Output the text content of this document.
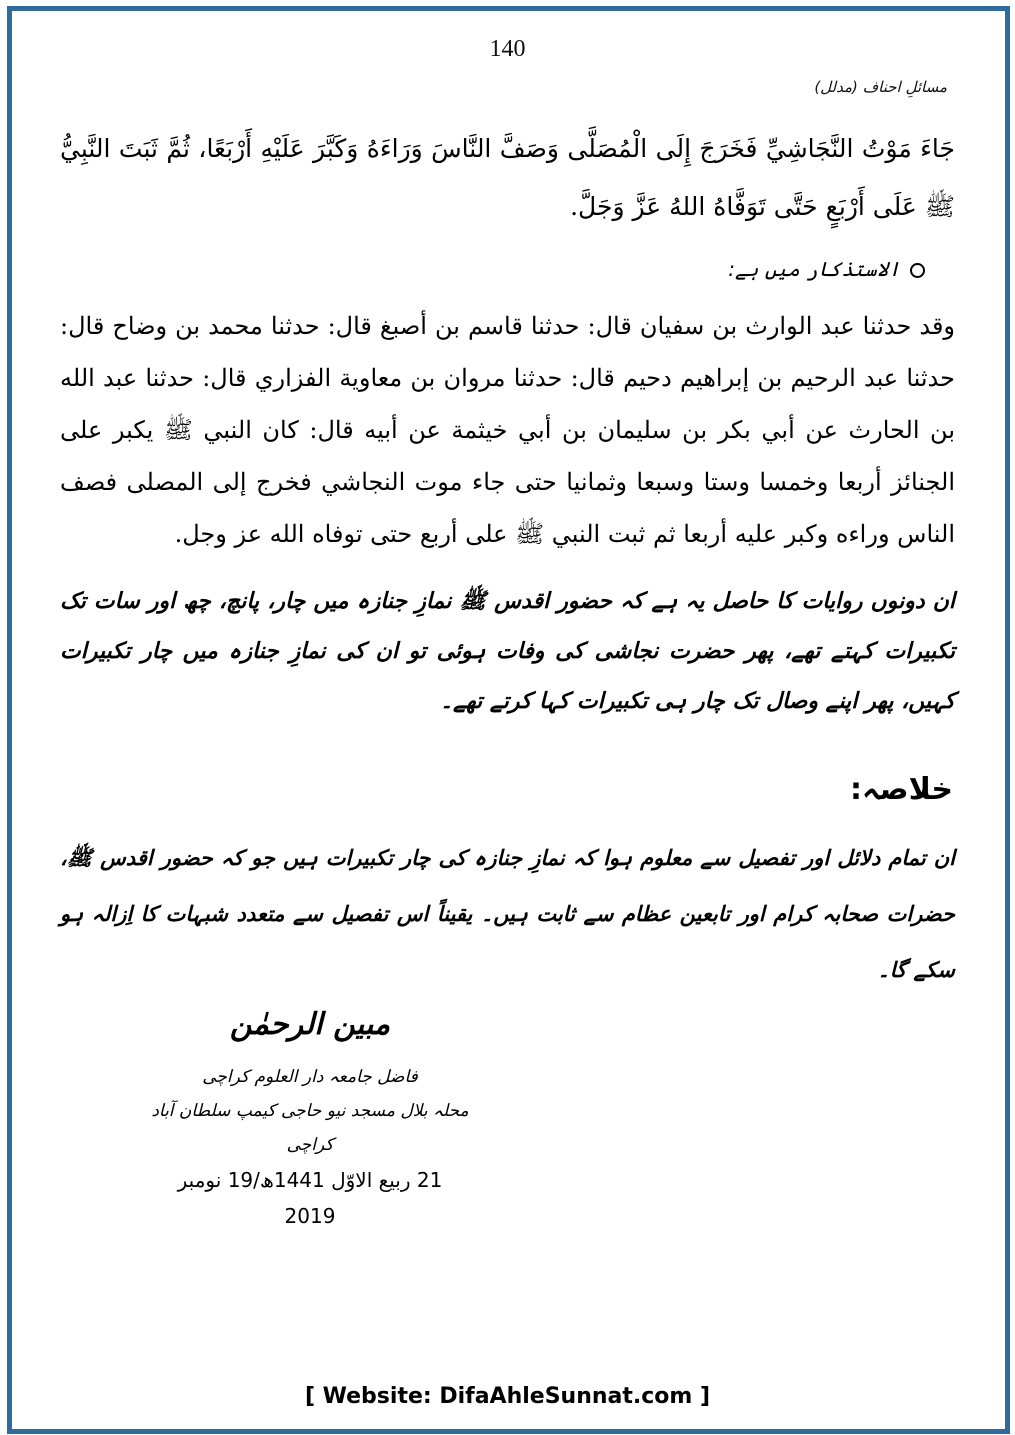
140
مسائلِ احناف (مدلل)
جَاءَ مَوْتُ النَّجَاشِيِّ فَخَرَجَ إِلَى الْمُصَلَّى وَصَفَّ النَّاسَ وَرَاءَهُ وَكَبَّرَ عَلَيْهِ أَرْبَعًا، ثُمَّ ثَبَتَ النَّبِيُّ ﷺ عَلَى أَرْبَعٍ حَتَّى تَوَفَّاهُ اللهُ عَزَّ وَجَلَّ.
الاستذکار میں ہے:
وقد حدثنا عبد الوارث بن سفيان قال: حدثنا قاسم بن أصبغ قال: حدثنا محمد بن وضاح قال: حدثنا عبد الرحيم بن إبراهيم دحيم قال: حدثنا مروان بن معاوية الفزاري قال: حدثنا عبد الله بن الحارث عن أبي بكر بن سليمان بن أبي خيثمة عن أبيه قال: كان النبي ﷺ يكبر على الجنائز أربعا وخمسا وستا وسبعا وثمانيا حتى جاء موت النجاشي فخرج إلى المصلى فصف الناس وراءه وكبر عليه أربعا ثم ثبت النبي ﷺ على أربع حتى توفاه الله عز وجل.
ان دونوں روایات کا حاصل یہ ہے کہ حضور اقدس ﷺ نمازِ جنازہ میں چار، پانچ، چھ اور سات تک تکبیرات کہتے تھے، پھر حضرت نجاشی کی وفات ہوئی تو ان کی نمازِ جنازہ میں چار تکبیرات کہیں، پھر اپنے وصال تک چار ہی تکبیرات کہا کرتے تھے۔
خلاصہ:
ان تمام دلائل اور تفصیل سے معلوم ہوا کہ نمازِ جنازہ کی چار تکبیرات ہیں جو کہ حضور اقدس ﷺ، حضرات صحابہ کرام اور تابعین عظام سے ثابت ہیں۔ یقیناً اس تفصیل سے متعدد شبہات کا اِزالہ ہو سکے گا۔
مبین الرحمٰن
فاضل جامعہ دار العلوم کراچی
محلہ بلال مسجد نیو حاجی کیمپ سلطان آباد کراچی
21 ربیع الاوّل 1441ھ/19 نومبر 2019
[ Website: DifaAhleSunnat.com ]
